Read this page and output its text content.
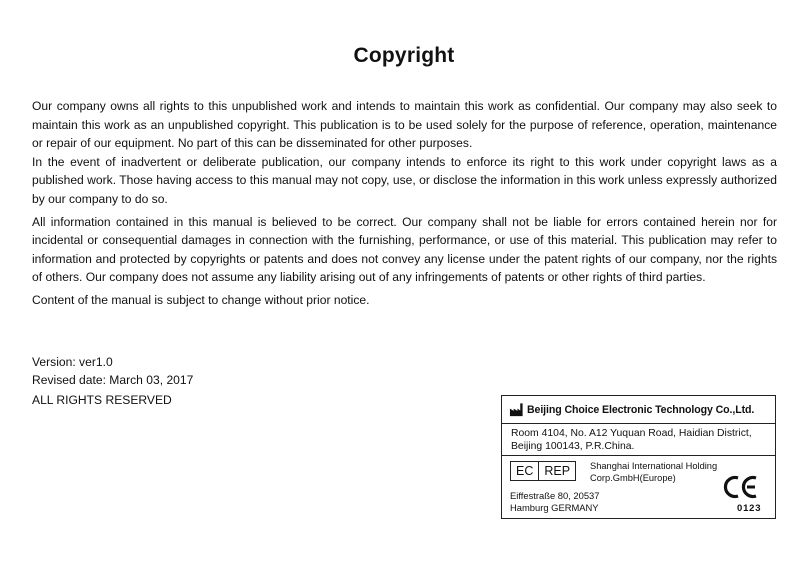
Copyright

Our company owns all rights to this unpublished work and intends to maintain this work as confidential. Our company may also seek to maintain this work as an unpublished copyright. This publication is to be used solely for the purpose of reference, operation, maintenance or repair of our equipment. No part of this can be disseminated for other purposes.

In the event of inadvertent or deliberate publication, our company intends to enforce its right to this work under copyright laws as a published work. Those having access to this manual may not copy, use, or disclose the information in this work unless expressly authorized by our company to do so.

All information contained in this manual is believed to be correct. Our company shall not be liable for errors contained herein nor for incidental or consequential damages in connection with the furnishing, performance, or use of this material. This publication may refer to information and protected by copyrights or patents and does not convey any license under the patent rights of our company, nor the rights of others. Our company does not assume any liability arising out of any infringements of patents or other rights of third parties.

Content of the manual is subject to change without prior notice.

Version: ver1.0
Revised date: March 03, 2017
ALL RIGHTS RESERVED
Beijing Choice Electronic Technology Co.,Ltd.
Room 4104, No. A12 Yuquan Road, Haidian District,
Beijing 100143, P.R.China.
EC REP	Shanghai International Holding
Corp.GmbH(Europe)
Eiffestraße 80, 20537
Hamburg GERMANY	0123
